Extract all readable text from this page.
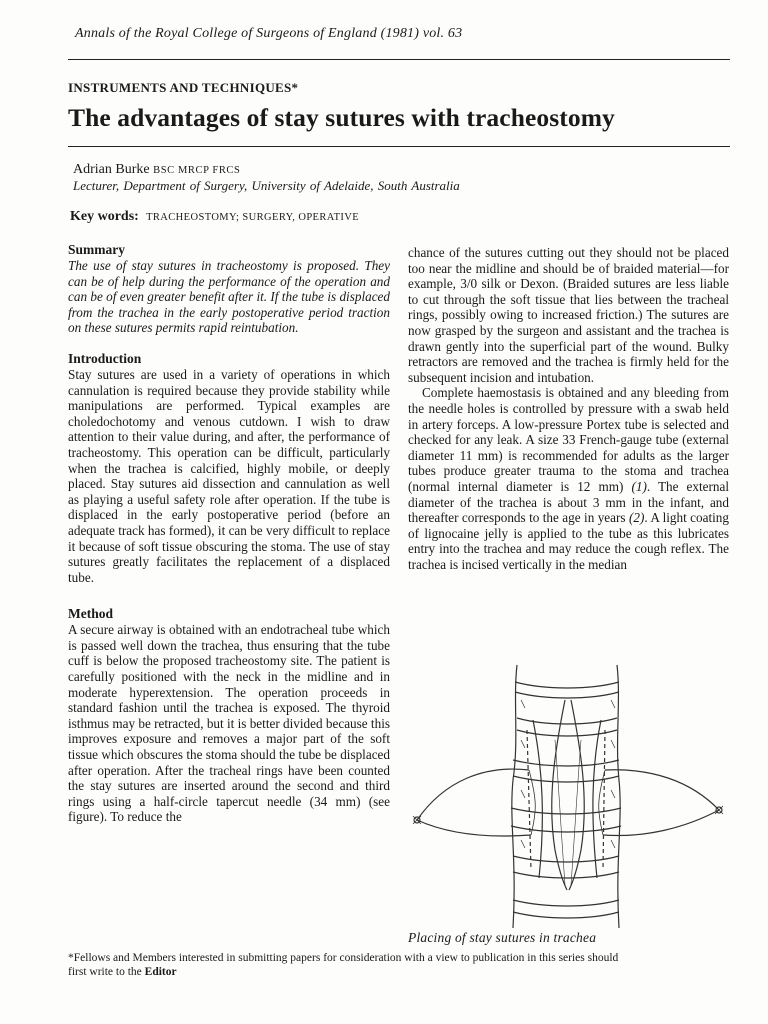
Annals of the Royal College of Surgeons of England (1981) vol. 63
INSTRUMENTS AND TECHNIQUES*
The advantages of stay sutures with tracheostomy
Adrian Burke BSC MRCP FRCS
Lecturer, Department of Surgery, University of Adelaide, South Australia
Key words: TRACHEOSTOMY; SURGERY, OPERATIVE
Summary

The use of stay sutures in tracheostomy is proposed. They can be of help during the performance of the operation and can be of even greater benefit after it. If the tube is displaced from the trachea in the early postoperative period traction on these sutures permits rapid reintubation.

Introduction

Stay sutures are used in a variety of operations in which cannulation is required because they provide stability while manipulations are performed. Typical examples are choledochotomy and venous cutdown. I wish to draw attention to their value during, and after, the performance of tracheostomy. This operation can be difficult, particularly when the trachea is calcified, highly mobile, or deeply placed. Stay sutures aid dissection and cannulation as well as playing a useful safety role after operation. If the tube is displaced in the early postoperative period (before an adequate track has formed), it can be very difficult to replace it because of soft tissue obscuring the stoma. The use of stay sutures greatly facilitates the replacement of a displaced tube.

Method

A secure airway is obtained with an endotracheal tube which is passed well down the trachea, thus ensuring that the tube cuff is below the proposed tracheostomy site. The patient is carefully positioned with the neck in the midline and in moderate hyperextension. The operation proceeds in standard fashion until the trachea is exposed. The thyroid isthmus may be retracted, but it is better divided because this improves exposure and removes a major part of the soft tissue which obscures the stoma should the tube be displaced after operation. After the tracheal rings have been counted the stay sutures are inserted around the second and third rings using a half-circle tapercut needle (34 mm) (see figure). To reduce the

chance of the sutures cutting out they should not be placed too near the midline and should be of braided material—for example, 3/0 silk or Dexon. (Braided sutures are less liable to cut through the soft tissue that lies between the tracheal rings, possibly owing to increased friction.) The sutures are now grasped by the surgeon and assistant and the trachea is drawn gently into the superficial part of the wound. Bulky retractors are removed and the trachea is firmly held for the subsequent incision and intubation.

Complete haemostasis is obtained and any bleeding from the needle holes is controlled by pressure with a swab held in artery forceps. A low-pressure Portex tube is selected and checked for any leak. A size 33 French-gauge tube (external diameter 11 mm) is recommended for adults as the larger tubes produce greater trauma to the stoma and trachea (normal internal diameter is 12 mm) (1). The external diameter of the trachea is about 3 mm in the infant, and thereafter corresponds to the age in years (2). A light coating of lignocaine jelly is applied to the tube as this lubricates entry into the trachea and may reduce the cough reflex. The trachea is incised vertically in the median

Placing of stay sutures in trachea
*Fellows and Members interested in submitting papers for consideration with a view to publication in this series should first write to the Editor
